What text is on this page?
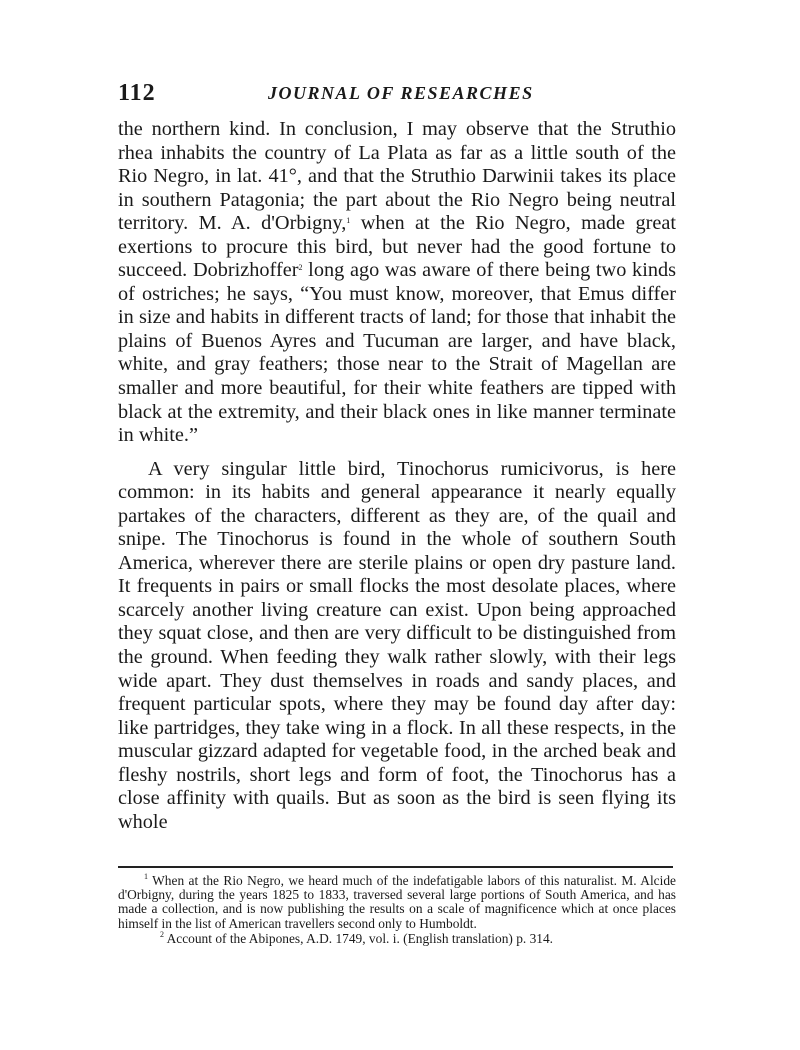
112	JOURNAL OF RESEARCHES

the northern kind. In conclusion, I may observe that the Struthio rhea inhabits the country of La Plata as far as a little south of the Rio Negro, in lat. 41°, and that the Struthio Darwinii takes its place in southern Patagonia; the part about the Rio Negro being neutral territory. M. A. d'Orbigny,$^1$ when at the Rio Negro, made great exertions to procure this bird, but never had the good fortune to succeed. Dobrizhoffer$^2$ long ago was aware of there being two kinds of ostriches; he says, “You must know, moreover, that Emus differ in size and habits in different tracts of land; for those that inhabit the plains of Buenos Ayres and Tucuman are larger, and have black, white, and gray feathers; those near to the Strait of Magellan are smaller and more beautiful, for their white feathers are tipped with black at the extremity, and their black ones in like manner terminate in white.”

A very singular little bird, Tinochorus rumicivorus, is here common: in its habits and general appearance it nearly equally partakes of the characters, different as they are, of the quail and snipe. The Tinochorus is found in the whole of southern South America, wherever there are sterile plains or open dry pasture land. It frequents in pairs or small flocks the most desolate places, where scarcely another living creature can exist. Upon being approached they squat close, and then are very difficult to be distinguished from the ground. When feeding they walk rather slowly, with their legs wide apart. They dust themselves in roads and sandy places, and frequent particular spots, where they may be found day after day: like partridges, they take wing in a flock. In all these respects, in the muscular gizzard adapted for vegetable food, in the arched beak and fleshy nostrils, short legs and form of foot, the Tinochorus has a close affinity with quails. But as soon as the bird is seen flying its whole

$^1$ When at the Rio Negro, we heard much of the indefatigable labors of this naturalist. M. Alcide d'Orbigny, during the years 1825 to 1833, traversed several large portions of South America, and has made a collection, and is now publishing the results on a scale of magnificence which at once places himself in the list of American travellers second only to Humboldt.

$^2$ Account of the Abipones, A.D. 1749, vol. i. (English translation) p. 314.
